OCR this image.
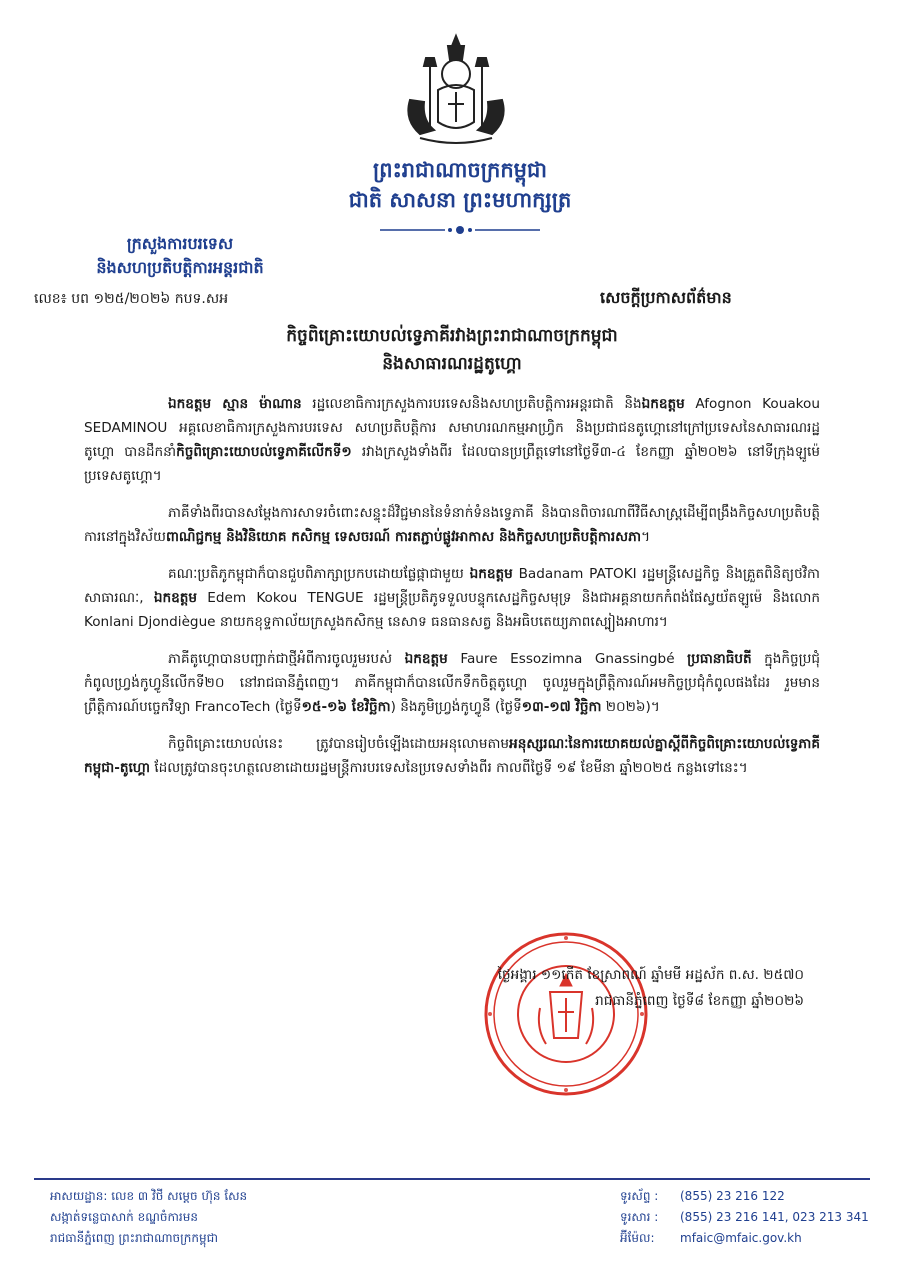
ព្រះរាជាណាចក្រកម្ពុជា
ជាតិ សាសនា ព្រះមហាក្សត្រ
ក្រសួងការបរទេស
និងសហប្រតិបត្តិការអន្តរជាតិ
លេខ៖ បព ១២៥/២០២៦ កបទ.សអ	សេចក្តីប្រកាសព័ត៌មាន
កិច្ចពិគ្រោះយោបល់ទ្វេភាគីរវាងព្រះរាជាណាចក្រកម្ពុជា
និងសាធារណរដ្ឋតូហ្គោ

ឯកឧត្តម ស្មាន ម៉ាណាន រដ្ឋលេខាធិការក្រសួងការបរទេសនិងសហប្រតិបត្តិការអន្តរជាតិ និងឯកឧត្តម Afognon Kouakou SEDAMINOU អគ្គលេខាធិការក្រសួងការបរទេស សហប្រតិបត្តិការ សមាហរណកម្មអាហ្វ្រិក និងប្រជាជនតូហ្គោនៅក្រៅប្រទេសនៃសាធារណរដ្ឋតូហ្គោ បានដឹកនាំកិច្ចពិគ្រោះយោបល់ទ្វេភាគីលើកទី១ រវាងក្រសួងទាំងពីរ ដែលបានប្រព្រឹត្តទៅនៅថ្ងៃទី៣-៤ ខែកញ្ញា ឆ្នាំ២០២៦ នៅទីក្រុងឡូម៉េ ប្រទេសតូហ្គោ។

ភាគីទាំងពីរបានសម្តែងការសាទរចំពោះសន្ទុះដ៏វិជ្ជមាននៃទំនាក់ទំនងទ្វេភាគី និងបានពិចារណាពីវិធីសាស្ត្រដើម្បីពង្រឹងកិច្ចសហប្រតិបត្តិការនៅក្នុងវិស័យពាណិជ្ជកម្ម និងវិនិយោគ កសិកម្ម ទេសចរណ៍ ការតភ្ជាប់ផ្លូវអាកាស និងកិច្ចសហប្រតិបត្តិការសភា។

គណៈប្រតិភូកម្ពុជាក៏បានជួបពិភាក្សាប្រកបដោយផ្លែផ្កាជាមួយ ឯកឧត្តម Badanam PATOKI រដ្ឋមន្ត្រីសេដ្ឋកិច្ច និងគ្រួតពិនិត្យថវិកាសាធារណៈ, ឯកឧត្តម Edem Kokou TENGUE រដ្ឋមន្ត្រីប្រតិភូទទួលបន្ទុកសេដ្ឋកិច្ចសមុទ្រ និងជាអគ្គនាយកកំពង់ផែស្វយ័តឡូម៉េ និងលោក Konlani Djondiègue នាយកខុទ្ទកាល័យក្រសួងកសិកម្ម នេសាទ ធនធានសត្វ និងអធិបតេយ្យភាពស្បៀងអាហារ។

ភាគីតូហ្គោបានបញ្ជាក់ជាថ្មីអំពីការចូលរួមរបស់ ឯកឧត្តម Faure Essozimna Gnassingbé ប្រធានាធិបតី ក្នុងកិច្ចប្រជុំកំពូលហ្វ្រង់កូហ្វូនីលើកទី២០ នៅរាជធានីភ្នំពេញ។ ភាគីកម្ពុជាក៏បានលើកទឹកចិត្តតូហ្គោ ចូលរួមក្នុងព្រឹត្តិការណ៍អមកិច្ចប្រជុំកំពូលផងដែរ រួមមានព្រឹត្តិការណ៍បច្ចេកវិទ្យា FrancoTech (ថ្ងៃទី១៥-១៦ ខែវិច្ឆិកា) និងភូមិហ្វ្រង់កូហ្វូនី (ថ្ងៃទី១៣-១៧ វិច្ឆិកា ២០២៦)។

កិច្ចពិគ្រោះយោបល់នេះ ត្រូវបានរៀបចំឡើងដោយអនុលោមតាមអនុស្សរណៈនៃការយោគយល់គ្នាស្តីពីកិច្ចពិគ្រោះយោបល់ទ្វេភាគីកម្ពុជា-តូហ្គោ ដែលត្រូវបានចុះហត្ថលេខាដោយរដ្ឋមន្ត្រីការបរទេសនៃប្រទេសទាំងពីរ កាលពីថ្ងៃទី ១៩ ខែមីនា ឆ្នាំ២០២៥ កន្លងទៅនេះ។

ថ្ងៃអង្គារ ១១កើត ខែស្រាពណ៍ ឆ្នាំមមី អដ្ឋស័ក ព.ស. ២៥៧០
រាជធានីភ្នំពេញ ថ្ងៃទី៨ ខែកញ្ញា ឆ្នាំ២០២៦
អាសយដ្ឋាន: លេខ ៣ វិថី សម្តេច ហ៊ុន សែន
សង្កាត់ទន្លេបាសាក់ ខណ្ឌចំការមន
រាជធានីភ្នំពេញ ព្រះរាជាណាចក្រកម្ពុជា
ទូរស័ព្ទ : (855) 23 216 122
ទូរសារ : (855) 23 216 141, 023 213 341
អ៊ីម៉ែល: mfaic@mfaic.gov.kh
